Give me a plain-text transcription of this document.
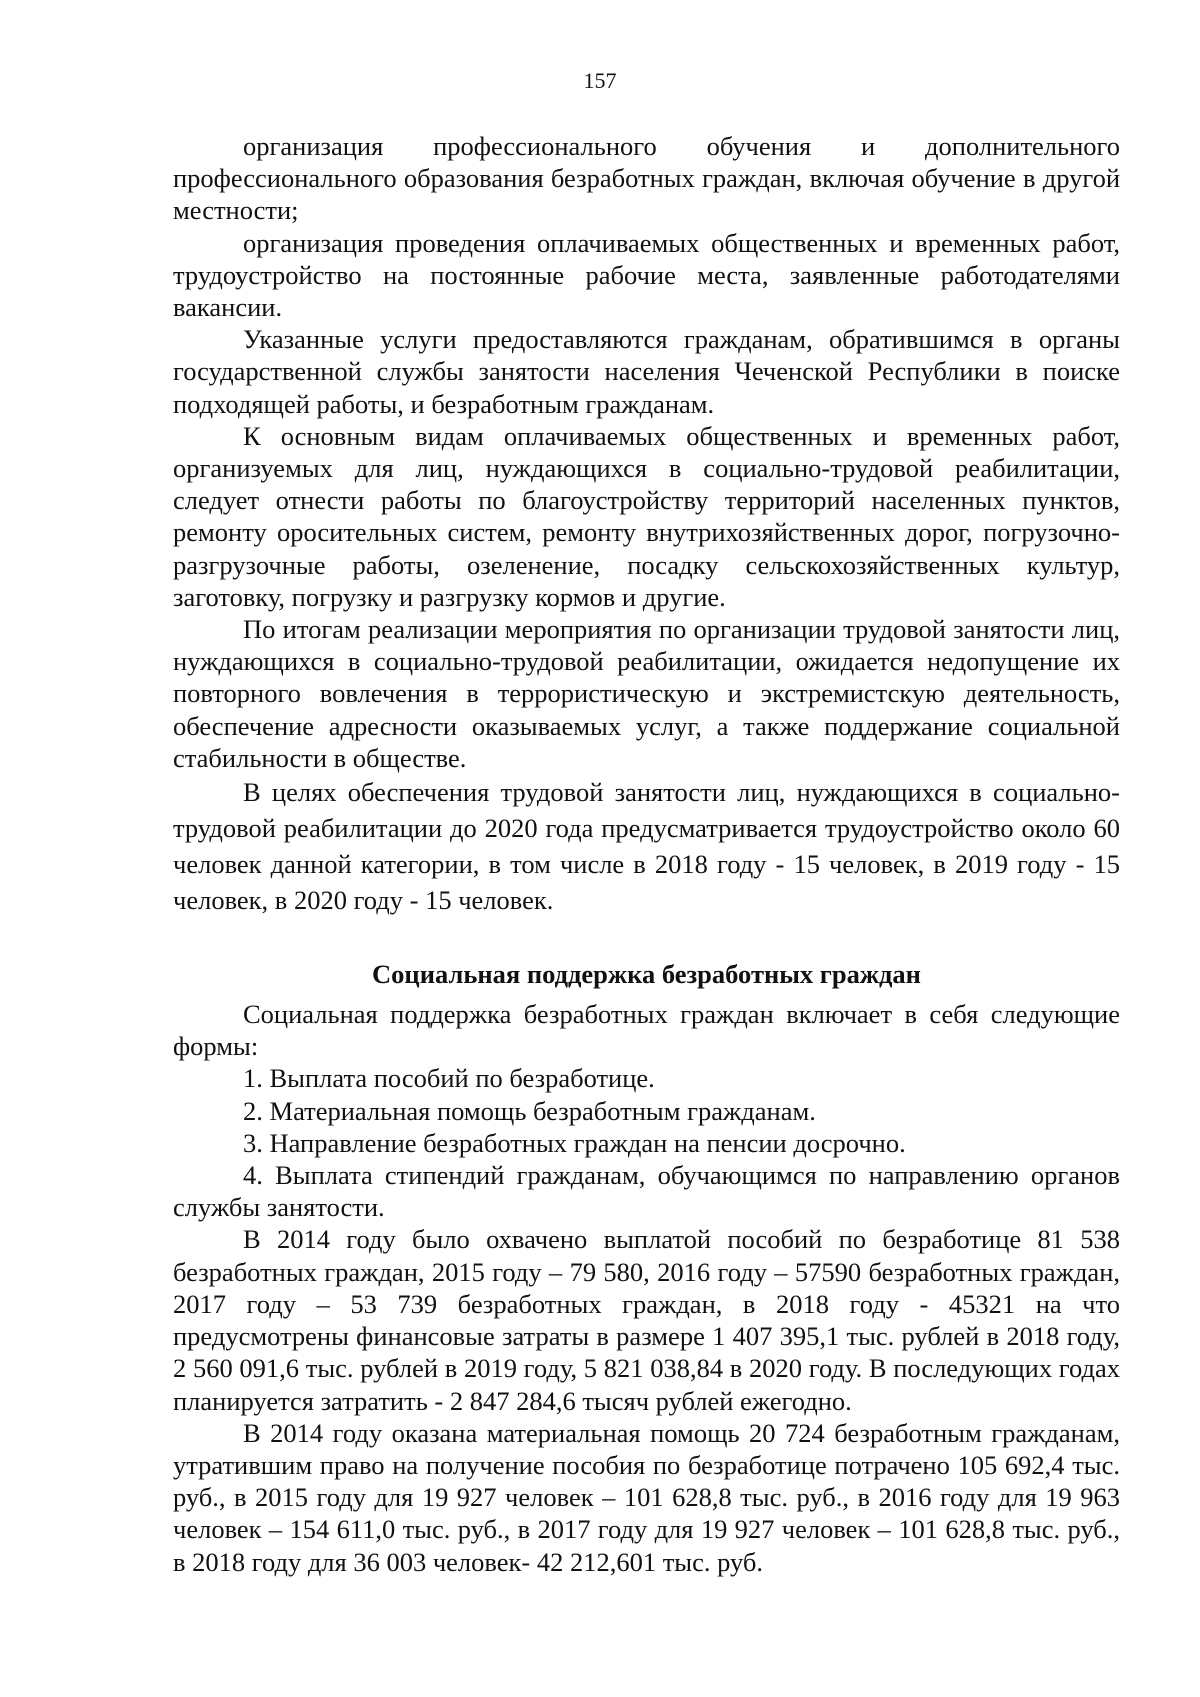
157

организация профессионального обучения и дополнительного профессионального образования безработных граждан, включая обучение в другой местности;

организация проведения оплачиваемых общественных и временных работ, трудоустройство на постоянные рабочие места, заявленные работодателями вакансии.

Указанные услуги предоставляются гражданам, обратившимся в органы государственной службы занятости населения Чеченской Республики в поиске подходящей работы, и безработным гражданам.

К основным видам оплачиваемых общественных и временных работ, организуемых для лиц, нуждающихся в социально-трудовой реабилитации, следует отнести работы по благоустройству территорий населенных пунктов, ремонту оросительных систем, ремонту внутрихозяйственных дорог, погрузочно-разгрузочные работы, озеленение, посадку сельскохозяйственных культур, заготовку, погрузку и разгрузку кормов и другие.

По итогам реализации мероприятия по организации трудовой занятости лиц, нуждающихся в социально-трудовой реабилитации, ожидается недопущение их повторного вовлечения в террористическую и экстремистскую деятельность, обеспечение адресности оказываемых услуг, а также поддержание социальной стабильности в обществе.

В целях обеспечения трудовой занятости лиц, нуждающихся в социально-трудовой реабилитации до 2020 года предусматривается трудоустройство около 60 человек данной категории, в том числе в 2018 году - 15 человек, в 2019 году - 15 человек, в 2020 году - 15 человек.

Социальная поддержка безработных граждан

Социальная поддержка безработных граждан включает в себя следующие формы:

1. Выплата пособий по безработице.

2. Материальная помощь безработным гражданам.

3. Направление безработных граждан на пенсии досрочно.

4. Выплата стипендий гражданам, обучающимся по направлению органов службы занятости.

В 2014 году было охвачено выплатой пособий по безработице 81 538 безработных граждан, 2015 году – 79 580, 2016 году – 57590 безработных граждан, 2017 году – 53 739 безработных граждан, в 2018 году - 45321 на что предусмотрены финансовые затраты в размере 1 407 395,1 тыс. рублей в 2018 году, 2 560 091,6 тыс. рублей в 2019 году, 5 821 038,84 в 2020 году. В последующих годах планируется затратить - 2 847 284,6 тысяч рублей ежегодно.

В 2014 году оказана материальная помощь 20 724 безработным гражданам, утратившим право на получение пособия по безработице потрачено 105 692,4 тыс. руб., в 2015 году для 19 927 человек – 101 628,8 тыс. руб., в 2016 году для 19 963 человек – 154 611,0 тыс. руб., в 2017 году для 19 927 человек – 101 628,8 тыс. руб., в 2018 году для 36 003 человек- 42 212,601 тыс. руб.
